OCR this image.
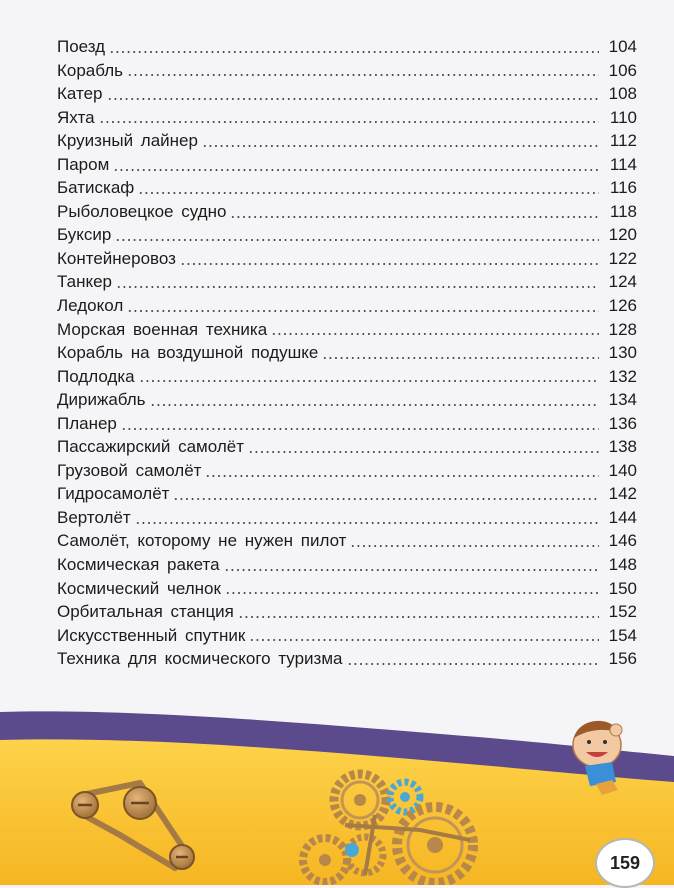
Поезд	104
Корабль	106
Катер	108
Яхта	110
Круизный лайнер	112
Паром	114
Батискаф	116
Рыболовецкое судно	118
Буксир	120
Контейнеровоз	122
Танкер	124
Ледокол	126
Морская военная техника	128
Корабль на воздушной подушке	130
Подлодка	132
Дирижабль	134
Планер	136
Пассажирский самолёт	138
Грузовой самолёт	140
Гидросамолёт	142
Вертолёт	144
Самолёт, которому не нужен пилот	146
Космическая ракета	148
Космический челнок	150
Орбитальная станция	152
Искусственный спутник	154
Техника для космического туризма	156
159
